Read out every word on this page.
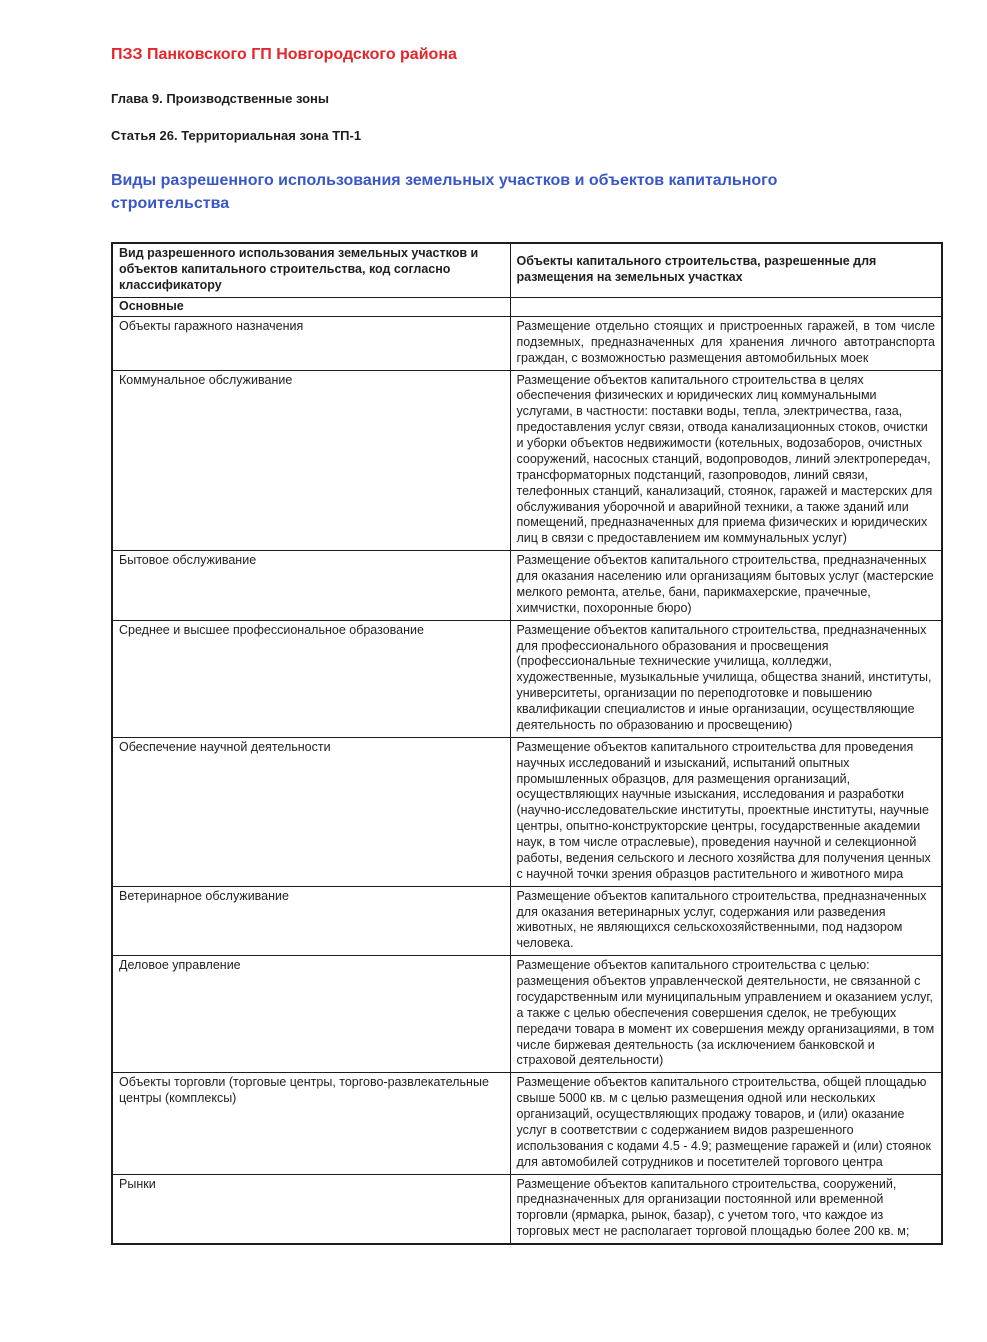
ПЗЗ Панковского ГП Новгородского района

Глава 9. Производственные зоны

Статья 26. Территориальная зона ТП-1

Виды разрешенного использования земельных участков и объектов капитального строительства
Вид разрешенного использования земельных участков и объектов капитального строительства, код согласно классификатору	Объекты капитального строительства, разрешенные для размещения на земельных участках
Основные	
Объекты гаражного назначения	Размещение отдельно стоящих и пристроенных гаражей, в том числе подземных, предназначенных для хранения личного автотранспорта граждан, с возможностью размещения автомобильных моек
Коммунальное обслуживание	Размещение объектов капитального строительства в целях обеспечения физических и юридических лиц коммунальными услугами, в частности: поставки воды, тепла, электричества, газа, предоставления услуг связи, отвода канализационных стоков, очистки и уборки объектов недвижимости (котельных, водозаборов, очистных сооружений, насосных станций, водопроводов, линий электропередач, трансформаторных подстанций, газопроводов, линий связи, телефонных станций, канализаций, стоянок, гаражей и мастерских для обслуживания уборочной и аварийной техники, а также зданий или помещений, предназначенных для приема физических и юридических лиц в связи с предоставлением им коммунальных услуг)
Бытовое обслуживание	Размещение объектов капитального строительства, предназначенных для оказания населению или организациям бытовых услуг (мастерские мелкого ремонта, ателье, бани, парикмахерские, прачечные, химчистки, похоронные бюро)
Среднее и высшее профессиональное образование	Размещение объектов капитального строительства, предназначенных для профессионального образования и просвещения (профессиональные технические училища, колледжи, художественные, музыкальные училища, общества знаний, институты, университеты, организации по переподготовке и повышению квалификации специалистов и иные организации, осуществляющие деятельность по образованию и просвещению)
Обеспечение научной деятельности	Размещение объектов капитального строительства для проведения научных исследований и изысканий, испытаний опытных промышленных образцов, для размещения организаций, осуществляющих научные изыскания, исследования и разработки (научно-исследовательские институты, проектные институты, научные центры, опытно-конструкторские центры, государственные академии наук, в том числе отраслевые), проведения научной и селекционной работы, ведения сельского и лесного хозяйства для получения ценных с научной точки зрения образцов растительного и животного мира
Ветеринарное обслуживание	Размещение объектов капитального строительства, предназначенных для оказания ветеринарных услуг, содержания или разведения животных, не являющихся сельскохозяйственными, под надзором человека.
Деловое управление	Размещение объектов капитального строительства с целью: размещения объектов управленческой деятельности, не связанной с государственным или муниципальным управлением и оказанием услуг, а также с целью обеспечения совершения сделок, не требующих передачи товара в момент их совершения между организациями, в том числе биржевая деятельность (за исключением банковской и страховой деятельности)
Объекты торговли (торговые центры, торгово-развлекательные центры (комплексы)	Размещение объектов капитального строительства, общей площадью свыше 5000 кв. м с целью размещения одной или нескольких организаций, осуществляющих продажу товаров, и (или) оказание услуг в соответствии с содержанием видов разрешенного использования с кодами 4.5 - 4.9; размещение гаражей и (или) стоянок для автомобилей сотрудников и посетителей торгового центра
Рынки	Размещение объектов капитального строительства, сооружений, предназначенных для организации постоянной или временной торговли (ярмарка, рынок, базар), с учетом того, что каждое из торговых мест не располагает торговой площадью более 200 кв. м;
